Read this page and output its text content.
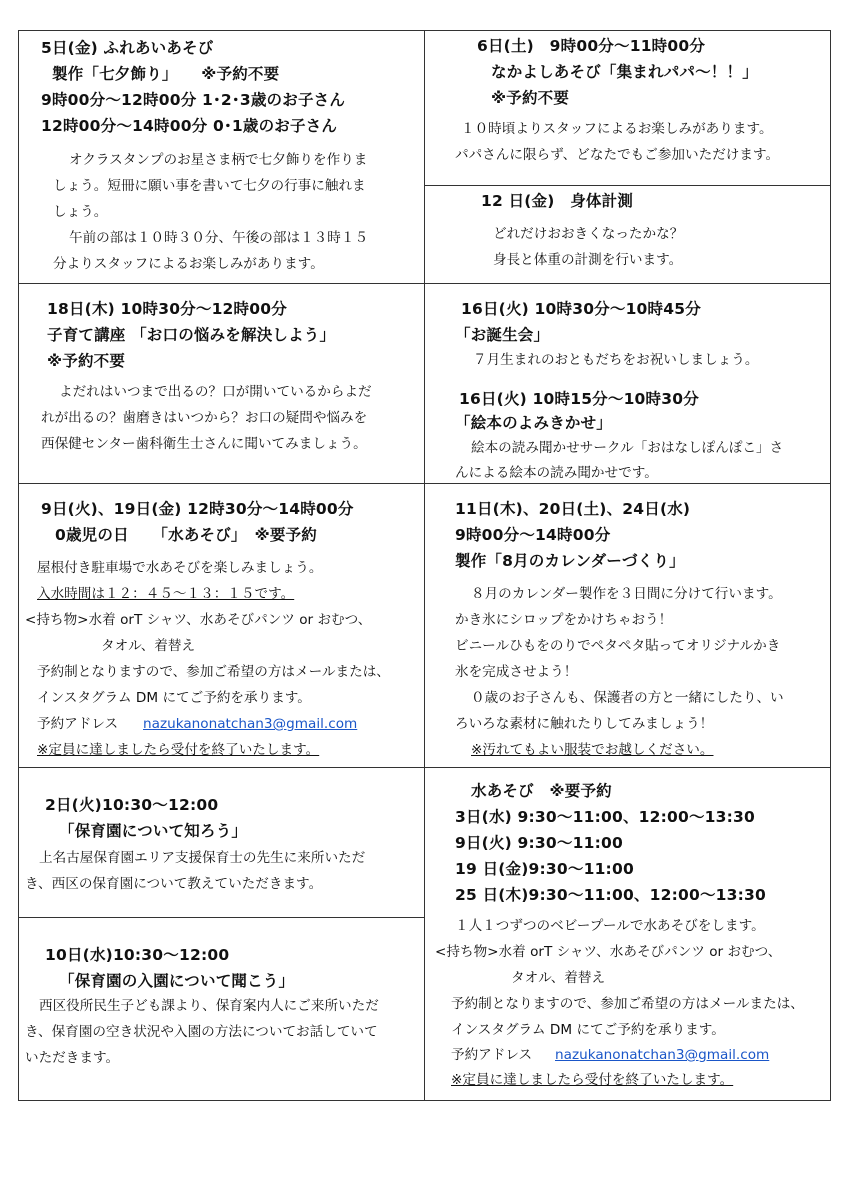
5日(金) ふれあいあそび
製作「七夕飾り」　　※予約不要
9時00分～12時00分 1･2･3歳のお子さん
12時00分～14時00分 0･1歳のお子さん
オクラスタンプのお星さま柄で七夕飾りを作りま
しょう。短冊に願い事を書いて七夕の行事に触れま
しょう。
午前の部は１０時３０分、午後の部は１３時１５
分よりスタッフによるお楽しみがあります。
6日(土)　9時00分～11時00分
なかよしあそび「集まれパパ～！！」
※予約不要
１０時頃よりスタッフによるお楽しみがあります。
パパさんに限らず、どなたでもご参加いただけます。
12 日(金)　身体計測
どれだけおおきくなったかな？
身長と体重の計測を行います。
18日(木) 10時30分～12時00分
子育て講座 「お口の悩みを解決しよう」
※予約不要
よだれはいつまで出るの？口が開いているからよだ
れが出るの？歯磨きはいつから？お口の疑問や悩みを
西保健センター歯科衛生士さんに聞いてみましょう。
16日(火) 10時30分～10時45分
「お誕生会」
７月生まれのおともだちをお祝いしましょう。
16日(火) 10時15分～10時30分
「絵本のよみきかせ」
絵本の読み聞かせサークル「おはなしぽんぽこ」さ
んによる絵本の読み聞かせです。
9日(火)、19日(金) 12時30分～14時00分
0歳児の日　　「水あそび」　※要予約
屋根付き駐車場で水あそびを楽しみましょう。
入水時間は１２：４５～１３：１５です。
<持ち物>水着 orT シャツ、水あそびパンツ or おむつ、
タオル、着替え
予約制となりますので、参加ご希望の方はメールまたは、
インスタグラム DM にてご予約を承ります。
予約アドレス nazukanonatchan3@gmail.com
※定員に達しましたら受付を終了いたします。
11日(木)、20日(土)、24日(水)
9時00分～14時00分
製作「8月のカレンダーづくり」
８月のカレンダー製作を３日間に分けて行います。
かき氷にシロップをかけちゃおう！
ビニールひもをのりでペタペタ貼ってオリジナルかき
氷を完成させよう！
０歳のお子さんも、保護者の方と一緒にしたり、い
ろいろな素材に触れたりしてみましょう！
※汚れてもよい服装でお越しください。
2日(火)10:30～12:00
「保育園について知ろう」
上名古屋保育園エリア支援保育士の先生に来所いただ
き、西区の保育園について教えていただきます。
10日(水)10:30～12:00
「保育園の入園について聞こう」
西区役所民生子ども課より、保育案内人にご来所いただ
き、保育園の空き状況や入園の方法についてお話していて
いただきます。
水あそび　※要予約
3日(水) 9:30～11:00、12:00～13:30
9日(火) 9:30～11:00
19 日(金)9:30～11:00
25 日(木)9:30～11:00、12:00～13:30
１人１つずつのベビープールで水あそびをします。
<持ち物>水着 orT シャツ、水あそびパンツ or おむつ、
タオル、着替え
予約制となりますので、参加ご希望の方はメールまたは、
インスタグラム DM にてご予約を承ります。
予約アドレス nazukanonatchan3@gmail.com
※定員に達しましたら受付を終了いたします。
